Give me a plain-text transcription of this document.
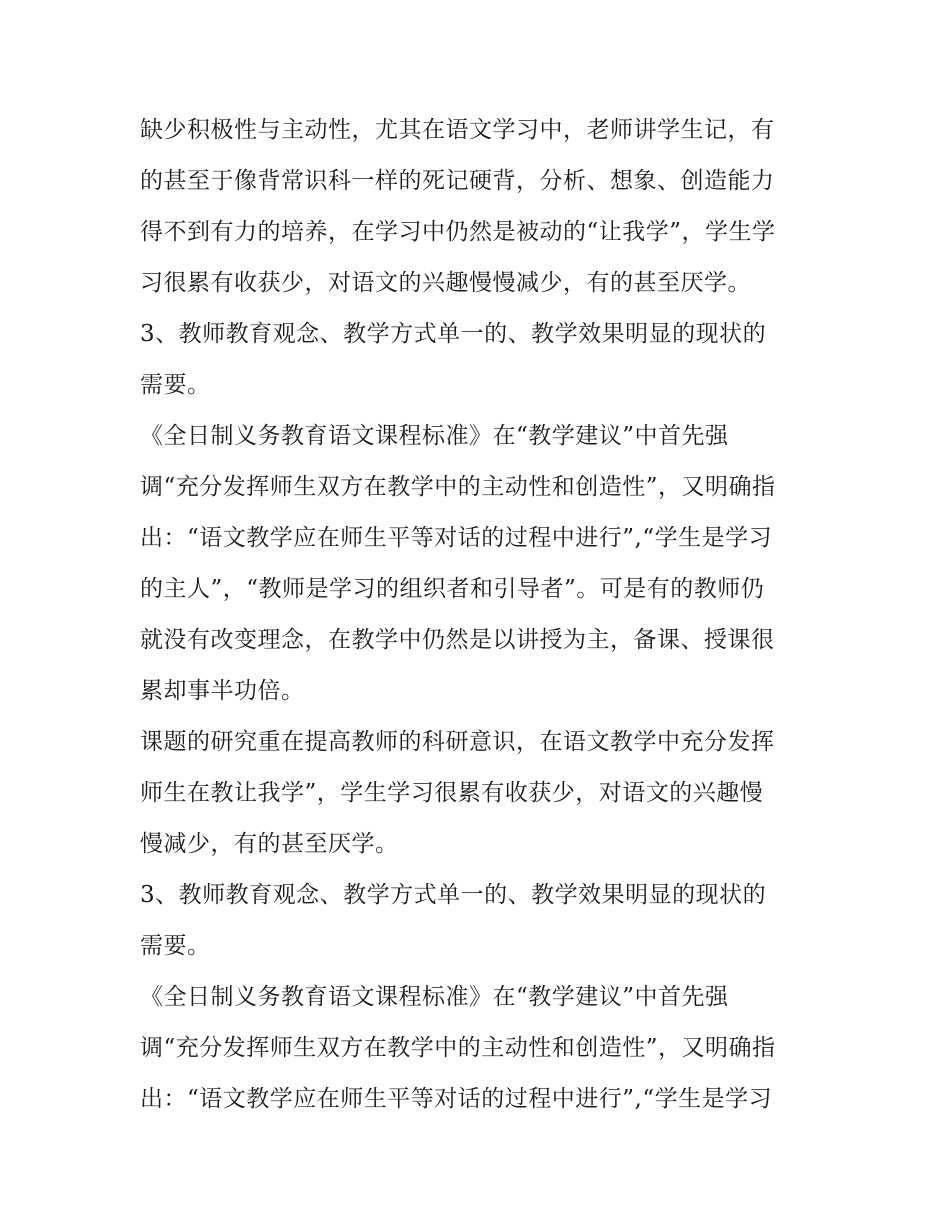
缺少积极性与主动性，尤其在语文学习中，老师讲学生记，有
的甚至于像背常识科一样的死记硬背，分析、想象、创造能力
得不到有力的培养，在学习中仍然是被动的“让我学”，学生学
习很累有收获少，对语文的兴趣慢慢减少，有的甚至厌学。
3、教师教育观念、教学方式单一的、教学效果明显的现状的
需要。
《全日制义务教育语文课程标准》在“教学建议”中首先强
调“充分发挥师生双方在教学中的主动性和创造性”，又明确指
出：“语文教学应在师生平等对话的过程中进行”,“学生是学习
的主人”，“教师是学习的组织者和引导者”。可是有的教师仍
就没有改变理念，在教学中仍然是以讲授为主，备课、授课很
累却事半功倍。
课题的研究重在提高教师的科研意识，在语文教学中充分发挥
师生在教让我学”，学生学习很累有收获少，对语文的兴趣慢
慢减少，有的甚至厌学。
3、教师教育观念、教学方式单一的、教学效果明显的现状的
需要。
《全日制义务教育语文课程标准》在“教学建议”中首先强
调“充分发挥师生双方在教学中的主动性和创造性”，又明确指
出：“语文教学应在师生平等对话的过程中进行”,“学生是学习
